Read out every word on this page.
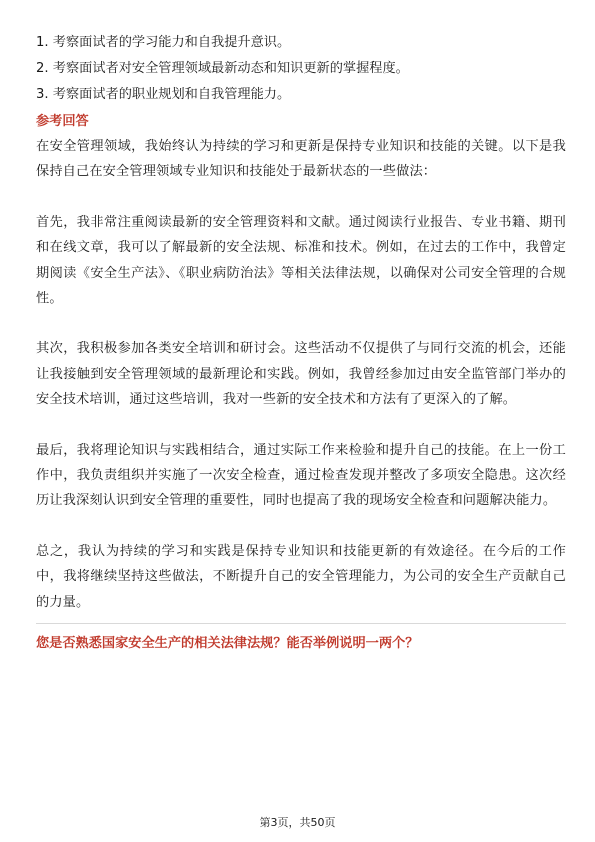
1. 考察面试者的学习能力和自我提升意识。

2. 考察面试者对安全管理领域最新动态和知识更新的掌握程度。

3. 考察面试者的职业规划和自我管理能力。

参考回答

在安全管理领域，我始终认为持续的学习和更新是保持专业知识和技能的关键。以下是我保持自己在安全管理领域专业知识和技能处于最新状态的一些做法：

首先，我非常注重阅读最新的安全管理资料和文献。通过阅读行业报告、专业书籍、期刊和在线文章，我可以了解最新的安全法规、标准和技术。例如，在过去的工作中，我曾定期阅读《安全生产法》、《职业病防治法》等相关法律法规，以确保对公司安全管理的合规性。

其次，我积极参加各类安全培训和研讨会。这些活动不仅提供了与同行交流的机会，还能让我接触到安全管理领域的最新理论和实践。例如，我曾经参加过由安全监管部门举办的安全技术培训，通过这些培训，我对一些新的安全技术和方法有了更深入的了解。

最后，我将理论知识与实践相结合，通过实际工作来检验和提升自己的技能。在上一份工作中，我负责组织并实施了一次安全检查，通过检查发现并整改了多项安全隐患。这次经历让我深刻认识到安全管理的重要性，同时也提高了我的现场安全检查和问题解决能力。

总之，我认为持续的学习和实践是保持专业知识和技能更新的有效途径。在今后的工作中，我将继续坚持这些做法，不断提升自己的安全管理能力，为公司的安全生产贡献自己的力量。

您是否熟悉国家安全生产的相关法律法规？能否举例说明一两个？

第3页，共50页
